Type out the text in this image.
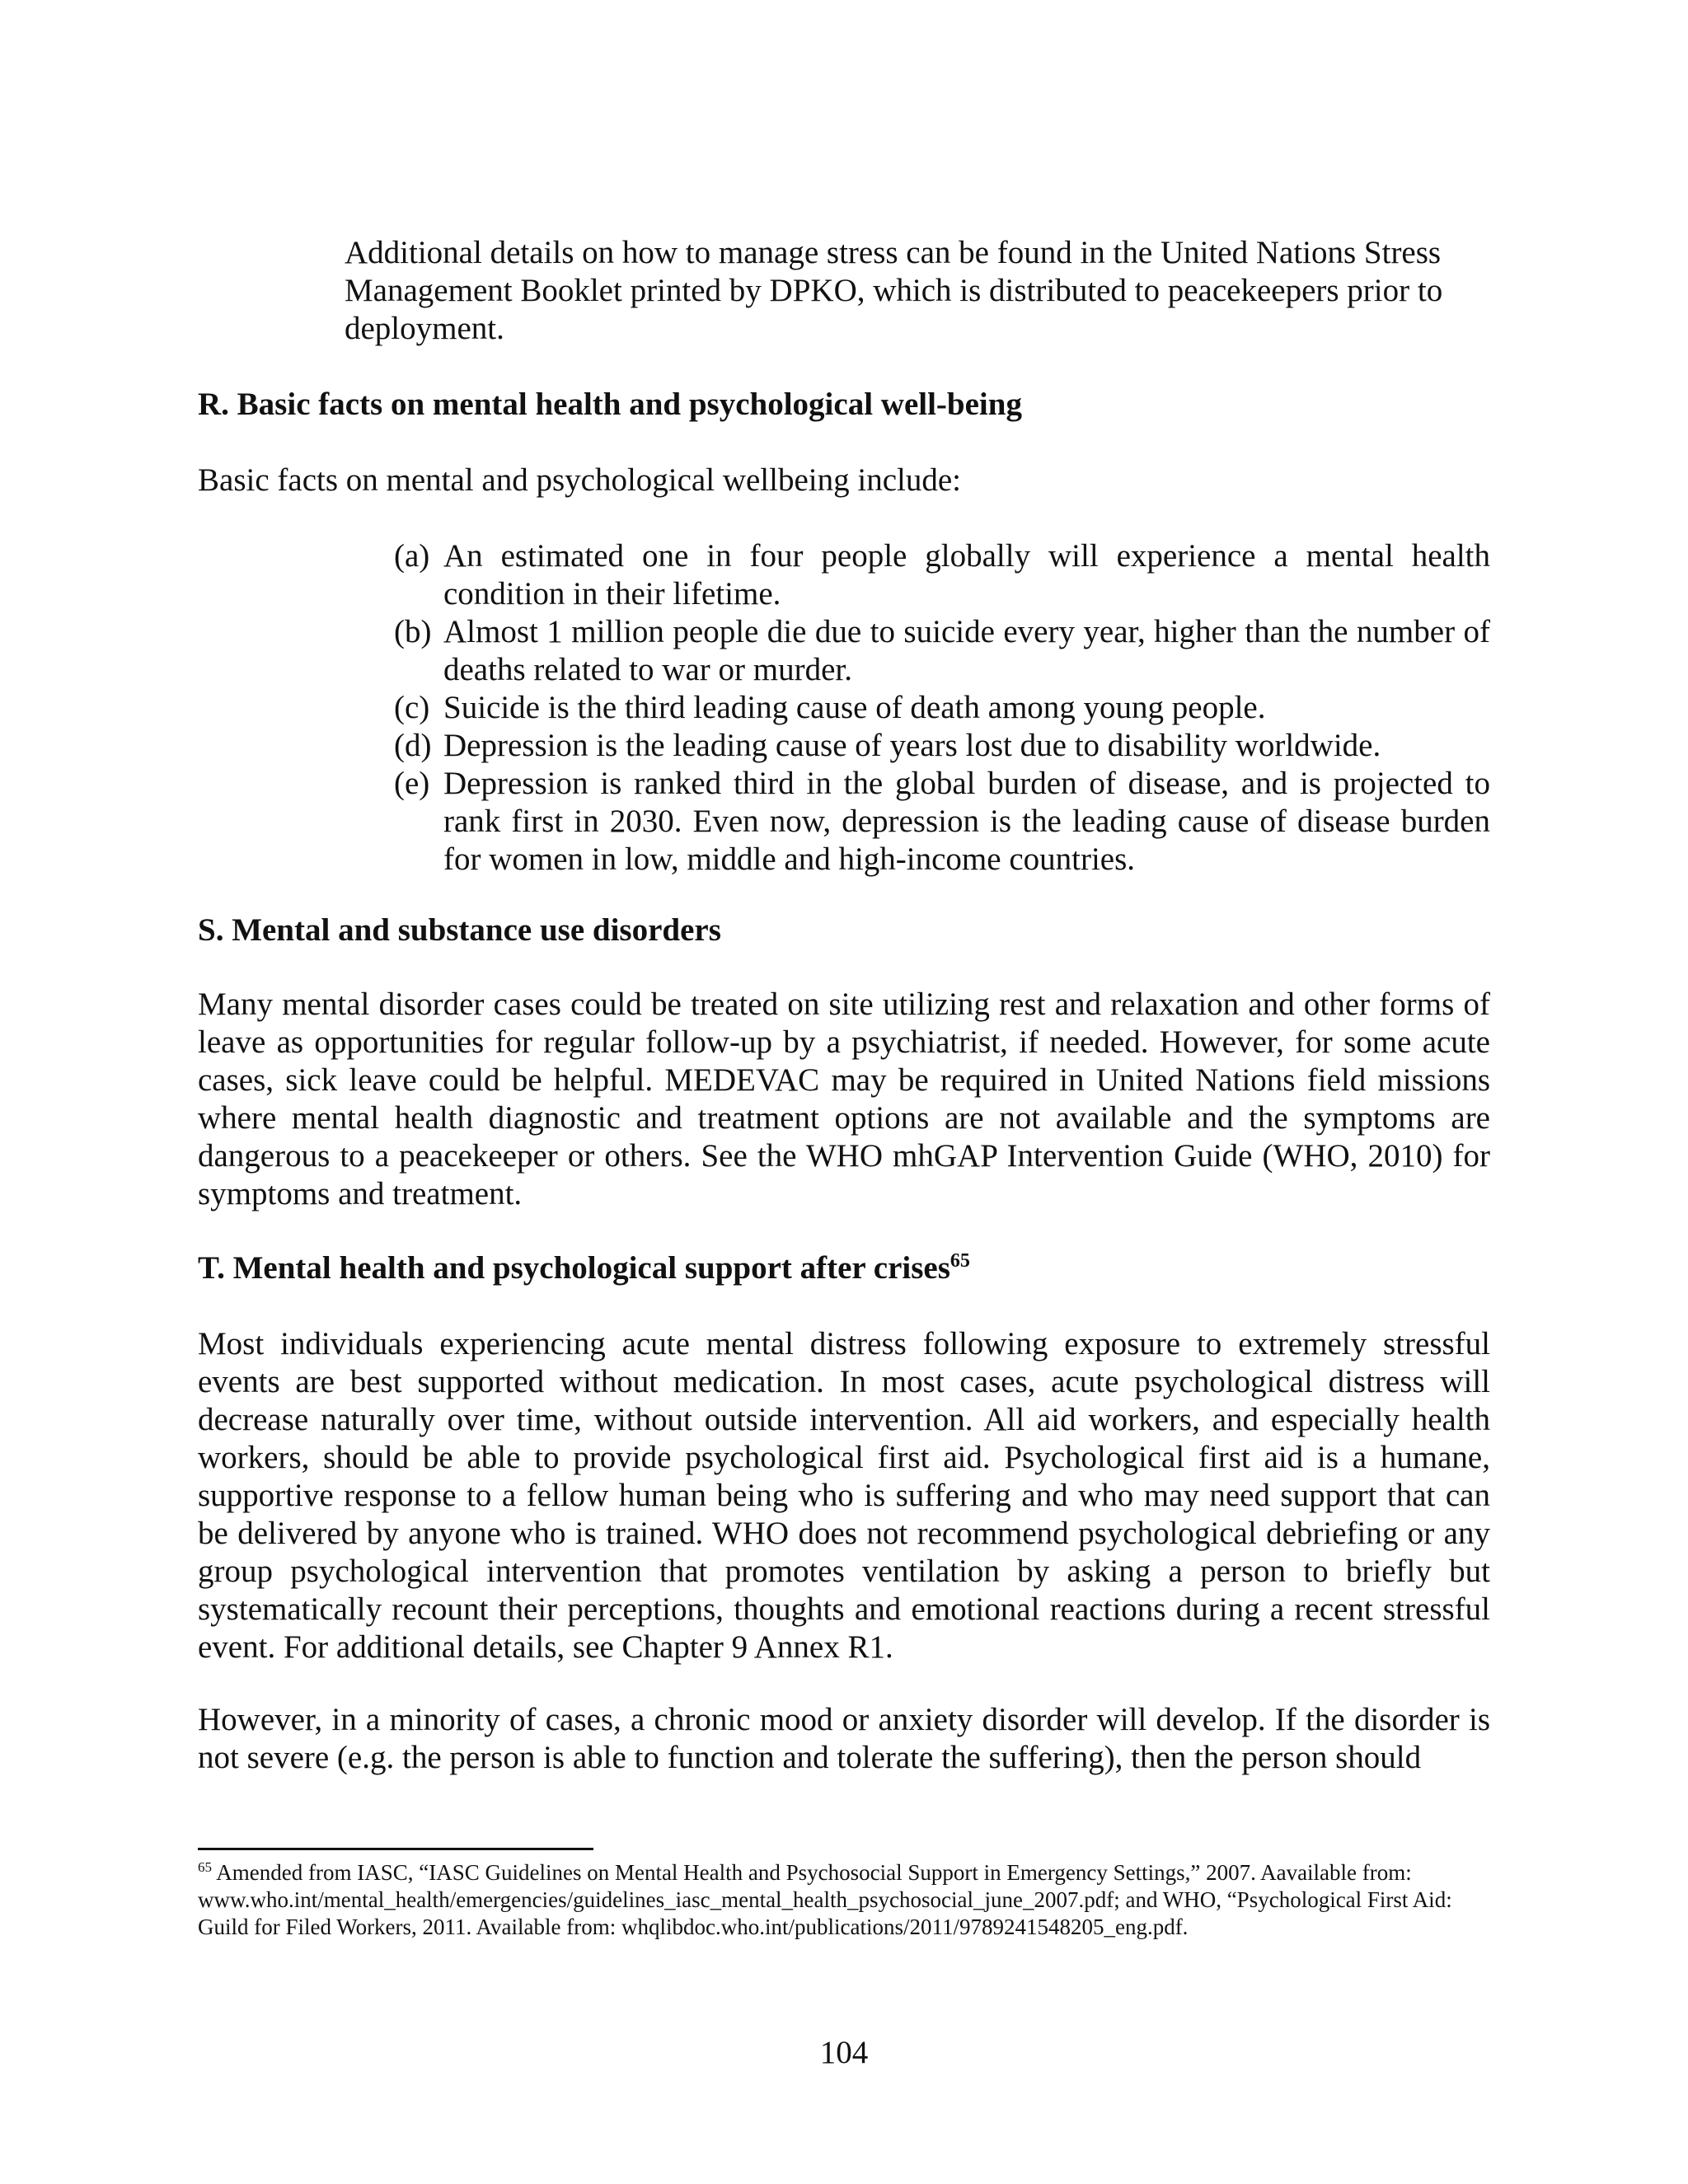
Additional details on how to manage stress can be found in the United Nations Stress Management Booklet printed by DPKO, which is distributed to peacekeepers prior to deployment.

R. Basic facts on mental health and psychological well-being

Basic facts on mental and psychological wellbeing include:

(a) An estimated one in four people globally will experience a mental health condition in their lifetime.
(b) Almost 1 million people die due to suicide every year, higher than the number of deaths related to war or murder.
(c) Suicide is the third leading cause of death among young people.
(d) Depression is the leading cause of years lost due to disability worldwide.
(e) Depression is ranked third in the global burden of disease, and is projected to rank first in 2030. Even now, depression is the leading cause of disease burden for women in low, middle and high-income countries.

S. Mental and substance use disorders

Many mental disorder cases could be treated on site utilizing rest and relaxation and other forms of leave as opportunities for regular follow-up by a psychiatrist, if needed. However, for some acute cases, sick leave could be helpful. MEDEVAC may be required in United Nations field missions where mental health diagnostic and treatment options are not available and the symptoms are dangerous to a peacekeeper or others. See the WHO mhGAP Intervention Guide (WHO, 2010) for symptoms and treatment.

T. Mental health and psychological support after crises$^{65}$

Most individuals experiencing acute mental distress following exposure to extremely stressful events are best supported without medication. In most cases, acute psychological distress will decrease naturally over time, without outside intervention. All aid workers, and especially health workers, should be able to provide psychological first aid. Psychological first aid is a humane, supportive response to a fellow human being who is suffering and who may need support that can be delivered by anyone who is trained. WHO does not recommend psychological debriefing or any group psychological intervention that promotes ventilation by asking a person to briefly but systematically recount their perceptions, thoughts and emotional reactions during a recent stressful event. For additional details, see Chapter 9 Annex R1.

However, in a minority of cases, a chronic mood or anxiety disorder will develop. If the disorder is not severe (e.g. the person is able to function and tolerate the suffering), then the person should

$^{65}$ Amended from IASC, “IASC Guidelines on Mental Health and Psychosocial Support in Emergency Settings,” 2007. Aavailable from: www.who.int/mental_health/emergencies/guidelines_iasc_mental_health_psychosocial_june_2007.pdf; and WHO, “Psychological First Aid: Guild for Filed Workers, 2011. Available from: whqlibdoc.who.int/publications/2011/9789241548205_eng.pdf.

104
